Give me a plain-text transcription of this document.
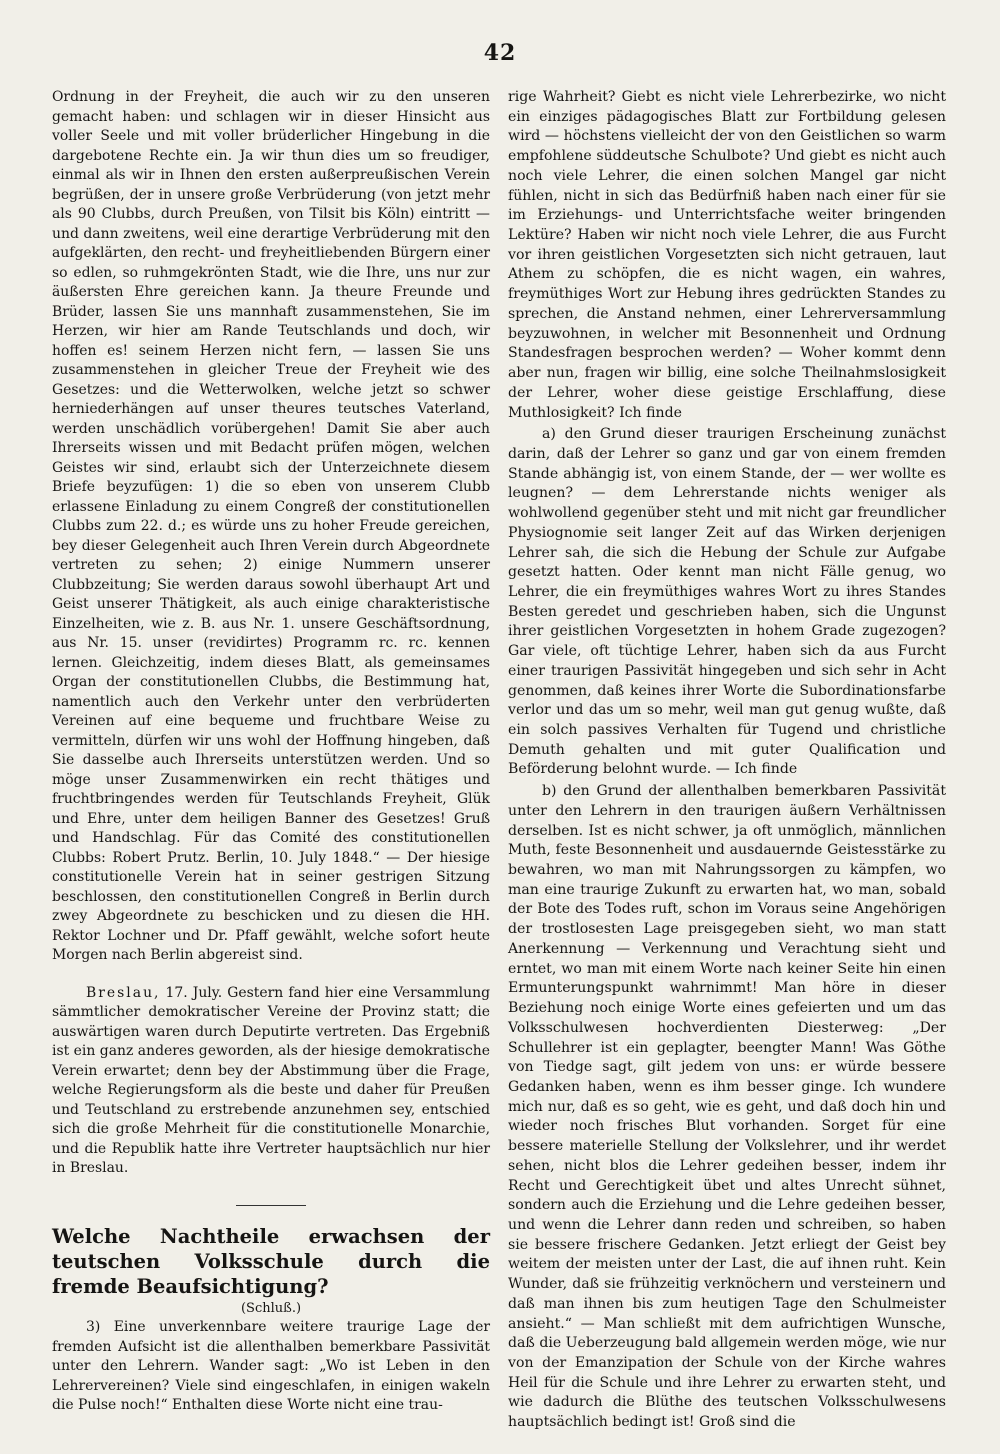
42

Ordnung in der Freyheit, die auch wir zu den unseren gemacht haben: und schlagen wir in dieser Hinsicht aus voller Seele und mit voller brüderlicher Hingebung in die dargebotene Rechte ein. Ja wir thun dies um so freudiger, einmal als wir in Ihnen den ersten außerpreußischen Verein begrüßen, der in unsere große Verbrüderung (von jetzt mehr als 90 Clubbs, durch Preußen, von Tilsit bis Köln) eintritt — und dann zweitens, weil eine derartige Verbrüderung mit den aufgeklärten, den recht- und freyheitliebenden Bürgern einer so edlen, so ruhmgekrönten Stadt, wie die Ihre, uns nur zur äußersten Ehre gereichen kann. Ja theure Freunde und Brüder, lassen Sie uns mannhaft zusammenstehen, Sie im Herzen, wir hier am Rande Teutschlands und doch, wir hoffen es! seinem Herzen nicht fern, — lassen Sie uns zusammenstehen in gleicher Treue der Freyheit wie des Gesetzes: und die Wetterwolken, welche jetzt so schwer herniederhängen auf unser theures teutsches Vaterland, werden unschädlich vorübergehen! Damit Sie aber auch Ihrerseits wissen und mit Bedacht prüfen mögen, welchen Geistes wir sind, erlaubt sich der Unterzeichnete diesem Briefe beyzufügen: 1) die so eben von unserem Clubb erlassene Einladung zu einem Congreß der constitutionellen Clubbs zum 22. d.; es würde uns zu hoher Freude gereichen, bey dieser Gelegenheit auch Ihren Verein durch Abgeordnete vertreten zu sehen; 2) einige Nummern unserer Clubbzeitung; Sie werden daraus sowohl überhaupt Art und Geist unserer Thätigkeit, als auch einige charakteristische Einzelheiten, wie z. B. aus Nr. 1. unsere Geschäftsordnung, aus Nr. 15. unser (revidirtes) Programm rc. rc. kennen lernen. Gleichzeitig, indem dieses Blatt, als gemeinsames Organ der constitutionellen Clubbs, die Bestimmung hat, namentlich auch den Verkehr unter den verbrüderten Vereinen auf eine bequeme und fruchtbare Weise zu vermitteln, dürfen wir uns wohl der Hoffnung hingeben, daß Sie dasselbe auch Ihrerseits unterstützen werden. Und so möge unser Zusammenwirken ein recht thätiges und fruchtbringendes werden für Teutschlands Freyheit, Glük und Ehre, unter dem heiligen Banner des Gesetzes! Gruß und Handschlag. Für das Comité des constitutionellen Clubbs: Robert Prutz. Berlin, 10. July 1848.“ — Der hiesige constitutionelle Verein hat in seiner gestrigen Sitzung beschlossen, den constitutionellen Congreß in Berlin durch zwey Abgeordnete zu beschicken und zu diesen die HH. Rektor Lochner und Dr. Pfaff gewählt, welche sofort heute Morgen nach Berlin abgereist sind.

Breslau, 17. July. Gestern fand hier eine Versammlung sämmtlicher demokratischer Vereine der Provinz statt; die auswärtigen waren durch Deputirte vertreten. Das Ergebniß ist ein ganz anderes geworden, als der hiesige demokratische Verein erwartet; denn bey der Abstimmung über die Frage, welche Regierungsform als die beste und daher für Preußen und Teutschland zu erstrebende anzunehmen sey, entschied sich die große Mehrheit für die constitutionelle Monarchie, und die Republik hatte ihre Vertreter hauptsächlich nur hier in Breslau.

Welche Nachtheile erwachsen der teutschen Volksschule durch die fremde Beaufsichtigung?

(Schluß.)

3) Eine unverkennbare weitere traurige Lage der fremden Aufsicht ist die allenthalben bemerkbare Passivität unter den Lehrern. Wander sagt: „Wo ist Leben in den Lehrervereinen? Viele sind eingeschlafen, in einigen wakeln die Pulse noch!“ Enthalten diese Worte nicht eine trau-

rige Wahrheit? Giebt es nicht viele Lehrerbezirke, wo nicht ein einziges pädagogisches Blatt zur Fortbildung gelesen wird — höchstens vielleicht der von den Geistlichen so warm empfohlene süddeutsche Schulbote? Und giebt es nicht auch noch viele Lehrer, die einen solchen Mangel gar nicht fühlen, nicht in sich das Bedürfniß haben nach einer für sie im Erziehungs- und Unterrichtsfache weiter bringenden Lektüre? Haben wir nicht noch viele Lehrer, die aus Furcht vor ihren geistlichen Vorgesetzten sich nicht getrauen, laut Athem zu schöpfen, die es nicht wagen, ein wahres, freymüthiges Wort zur Hebung ihres gedrückten Standes zu sprechen, die Anstand nehmen, einer Lehrerversammlung beyzuwohnen, in welcher mit Besonnenheit und Ordnung Standesfragen besprochen werden? — Woher kommt denn aber nun, fragen wir billig, eine solche Theilnahmslosigkeit der Lehrer, woher diese geistige Erschlaffung, diese Muthlosigkeit? Ich finde

a) den Grund dieser traurigen Erscheinung zunächst darin, daß der Lehrer so ganz und gar von einem fremden Stande abhängig ist, von einem Stande, der — wer wollte es leugnen? — dem Lehrerstande nichts weniger als wohlwollend gegenüber steht und mit nicht gar freundlicher Physiognomie seit langer Zeit auf das Wirken derjenigen Lehrer sah, die sich die Hebung der Schule zur Aufgabe gesetzt hatten. Oder kennt man nicht Fälle genug, wo Lehrer, die ein freymüthiges wahres Wort zu ihres Standes Besten geredet und geschrieben haben, sich die Ungunst ihrer geistlichen Vorgesetzten in hohem Grade zugezogen? Gar viele, oft tüchtige Lehrer, haben sich da aus Furcht einer traurigen Passivität hingegeben und sich sehr in Acht genommen, daß keines ihrer Worte die Subordinationsfarbe verlor und das um so mehr, weil man gut genug wußte, daß ein solch passives Verhalten für Tugend und christliche Demuth gehalten und mit guter Qualification und Beförderung belohnt wurde. — Ich finde

b) den Grund der allenthalben bemerkbaren Passivität unter den Lehrern in den traurigen äußern Verhältnissen derselben. Ist es nicht schwer, ja oft unmöglich, männlichen Muth, feste Besonnenheit und ausdauernde Geistesstärke zu bewahren, wo man mit Nahrungssorgen zu kämpfen, wo man eine traurige Zukunft zu erwarten hat, wo man, sobald der Bote des Todes ruft, schon im Voraus seine Angehörigen der trostlosesten Lage preisgegeben sieht, wo man statt Anerkennung — Verkennung und Verachtung sieht und erntet, wo man mit einem Worte nach keiner Seite hin einen Ermunterungspunkt wahrnimmt! Man höre in dieser Beziehung noch einige Worte eines gefeierten und um das Volksschulwesen hochverdienten Diesterweg: „Der Schullehrer ist ein geplagter, beengter Mann! Was Göthe von Tiedge sagt, gilt jedem von uns: er würde bessere Gedanken haben, wenn es ihm besser ginge. Ich wundere mich nur, daß es so geht, wie es geht, und daß doch hin und wieder noch frisches Blut vorhanden. Sorget für eine bessere materielle Stellung der Volkslehrer, und ihr werdet sehen, nicht blos die Lehrer gedeihen besser, indem ihr Recht und Gerechtigkeit übet und altes Unrecht sühnet, sondern auch die Erziehung und die Lehre gedeihen besser, und wenn die Lehrer dann reden und schreiben, so haben sie bessere frischere Gedanken. Jetzt erliegt der Geist bey weitem der meisten unter der Last, die auf ihnen ruht. Kein Wunder, daß sie frühzeitig verknöchern und versteinern und daß man ihnen bis zum heutigen Tage den Schulmeister ansieht.“ — Man schließt mit dem aufrichtigen Wunsche, daß die Ueberzeugung bald allgemein werden möge, wie nur von der Emanzipation der Schule von der Kirche wahres Heil für die Schule und ihre Lehrer zu erwarten steht, und wie dadurch die Blüthe des teutschen Volksschulwesens hauptsächlich bedingt ist! Groß sind die
